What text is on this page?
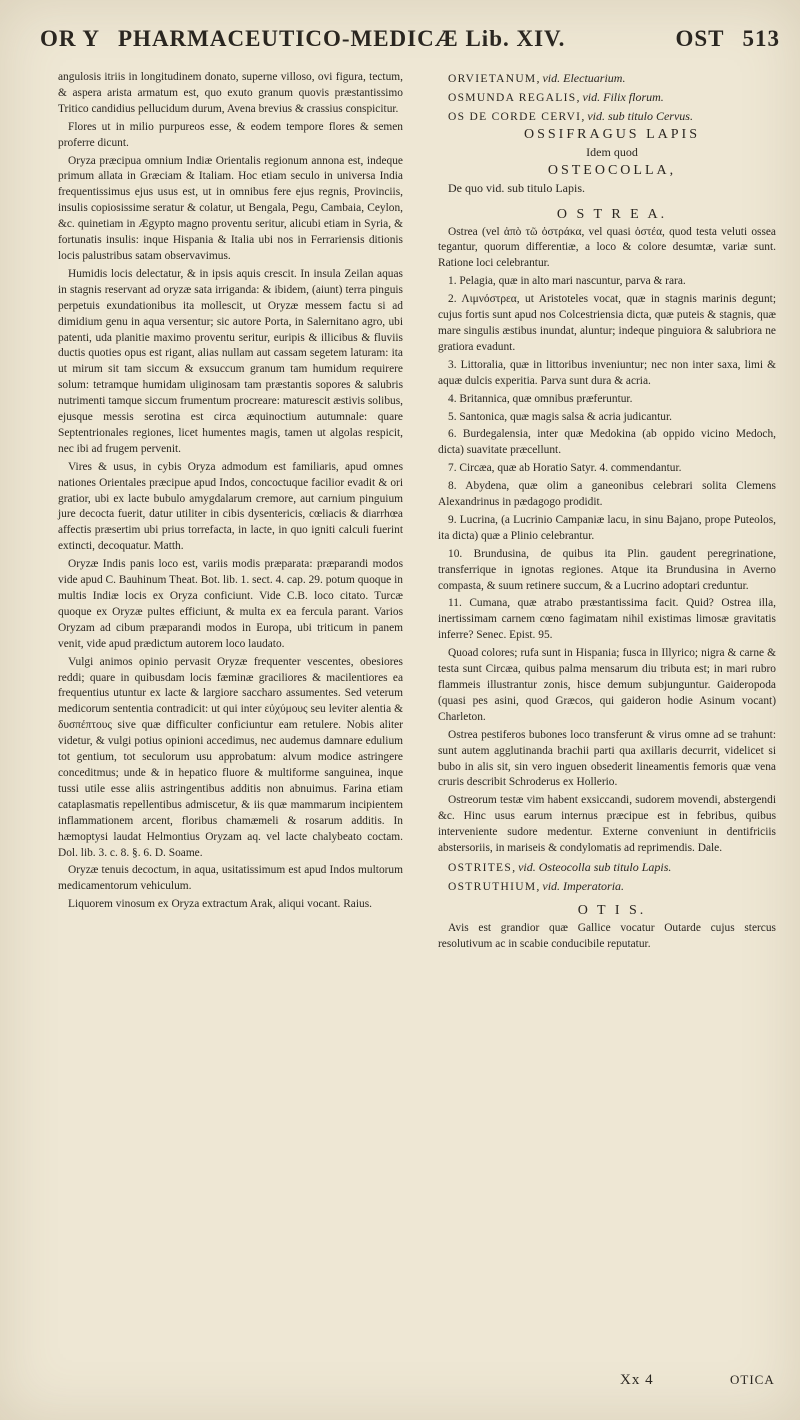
OR Y PHARMACEUTICO-MEDICÆ Lib. XIV.	OST 513

angulosis itriis in longitudinem donato, superne villoso, ovi figura, tectum, & aspera arista armatum est, quo exuto granum quovis præstantissimo Tritico candidius pellucidum durum, Avena brevius & crassius conspicitur.

Flores ut in milio purpureos esse, & eodem tempore flores & semen proferre dicunt.

Oryza præcipua omnium Indiæ Orientalis regionum annona est, indeque primum allata in Græciam & Italiam. Hoc etiam seculo in universa India frequentissimus ejus usus est, ut in omnibus fere ejus regnis, Provinciis, insulis copiosissime seratur & colatur, ut Bengala, Pegu, Cambaia, Ceylon, &c. quinetiam in Ægypto magno proventu seritur, alicubi etiam in Syria, & fortunatis insulis: inque Hispania & Italia ubi nos in Ferrariensis ditionis locis palustribus satam observavimus.

Humidis locis delectatur, & in ipsis aquis crescit. In insula Zeilan aquas in stagnis reservant ad oryzæ sata irriganda: & ibidem, (aiunt) terra pinguis perpetuis exundationibus ita mollescit, ut Oryzæ messem factu si ad dimidium genu in aqua versentur; sic autore Porta, in Salernitano agro, ubi patenti, uda planitie maximo proventu seritur, euripis & illicibus & fluviis ductis quoties opus est rigant, alias nullam aut cassam segetem laturam: ita ut mirum sit tam siccum & exsuccum granum tam humidum requirere solum: tetramque humidam uliginosam tam præstantis sopores & salubris nutrimenti tamque siccum frumentum procreare: maturescit æstivis solibus, ejusque messis serotina est circa æquinoctium autumnale: quare Septentrionales regiones, licet humentes magis, tamen ut algolas respicit, nec ibi ad frugem pervenit.

Vires & usus, in cybis Oryza admodum est familiaris, apud omnes nationes Orientales præcipue apud Indos, concoctuque facilior evadit & ori gratior, ubi ex lacte bubulo amygdalarum cremore, aut carnium pinguium jure decocta fuerit, datur utiliter in cibis dysentericis, cœliacis & diarrhœa affectis præsertim ubi prius torrefacta, in lacte, in quo igniti calculi fuerint extincti, decoquatur. Matth.

Oryzæ Indis panis loco est, variis modis præparata: præparandi modos vide apud C. Bauhinum Theat. Bot. lib. 1. sect. 4. cap. 29. potum quoque in multis Indiæ locis ex Oryza conficiunt. Vide C.B. loco citato. Turcæ quoque ex Oryzæ pultes efficiunt, & multa ex ea fercula parant. Varios Oryzam ad cibum præparandi modos in Europa, ubi triticum in panem venit, vide apud prædictum autorem loco laudato.

Vulgi animos opinio pervasit Oryzæ frequenter vescentes, obesiores reddi; quare in quibusdam locis fæminæ graciliores & macilentiores ea frequentius utuntur ex lacte & largiore saccharo assumentes. Sed veterum medicorum sententia contradicit: ut qui inter εὐχύμους seu leviter alentia & δυσπέπτους sive quæ difficulter conficiuntur eam retulere. Nobis aliter videtur, & vulgi potius opinioni accedimus, nec audemus damnare edulium tot gentium, tot seculorum usu approbatum: alvum modice astringere conceditmus; unde & in hepatico fluore & multiforme sanguinea, inque tussi utile esse aliis astringentibus additis non abnuimus. Farina etiam cataplasmatis repellentibus admiscetur, & iis quæ mammarum incipientem inflammationem arcent, floribus chamæmeli & rosarum additis. In hæmoptysi laudat Helmontius Oryzam aq. vel lacte chalybeato coctam. Dol. lib. 3. c. 8. §. 6. D. Soame.

Oryzæ tenuis decoctum, in aqua, usitatissimum est apud Indos multorum medicamentorum vehiculum.

Liquorem vinosum ex Oryza extractum Arak, aliqui vocant. Raius.

ORVIETANUM, vid. Electuarium.

OSMUNDA REGALIS, vid. Filix florum.

OS DE CORDE CERVI, vid. sub titulo Cervus.

OSSIFRAGUS LAPIS

Idem quod

OSTEOCOLLA,

De quo vid. sub titulo Lapis.

O S T R E A.

Ostrea (vel ἀπὸ τῶ ὀστράκα, vel quasi ὀστέα, quod testa veluti ossea tegantur, quorum differentiæ, a loco & colore desumtæ, variæ sunt. Ratione loci celebrantur.

1. Pelagia, quæ in alto mari nascuntur, parva & rara.

2. Λιμνόστρεα, ut Aristoteles vocat, quæ in stagnis marinis degunt; cujus fortis sunt apud nos Colcestriensia dicta, quæ puteis & stagnis, quæ mare singulis æstibus inundat, aluntur; indeque pinguiora & salubriora ne gratiora evadunt.

3. Littoralia, quæ in littoribus inveniuntur; nec non inter saxa, limi & aquæ dulcis experitia. Parva sunt dura & acria.

4. Britannica, quæ omnibus præferuntur.

5. Santonica, quæ magis salsa & acria judicantur.

6. Burdegalensia, inter quæ Medokina (ab oppido vicino Medoch, dicta) suavitate præcellunt.

7. Circæa, quæ ab Horatio Satyr. 4. commendantur.

8. Abydena, quæ olim a ganeonibus celebrari solita Clemens Alexandrinus in pædagogo prodidit.

9. Lucrina, (a Lucrinio Campaniæ lacu, in sinu Bajano, prope Puteolos, ita dicta) quæ a Plinio celebrantur.

10. Brundusina, de quibus ita Plin. gaudent peregrinatione, transferrique in ignotas regiones. Atque ita Brundusina in Averno compasta, & suum retinere succum, & a Lucrino adoptari creduntur.

11. Cumana, quæ atrabo præstantissima facit. Quid? Ostrea illa, inertissimam carnem cœno fagimatam nihil existimas limosæ gravitatis inferre? Senec. Epist. 95.

Quoad colores; rufa sunt in Hispania; fusca in Illyrico; nigra & carne & testa sunt Circæa, quibus palma mensarum diu tributa est; in mari rubro flammeis illustrantur zonis, hisce demum subjunguntur. Gaideropoda (quasi pes asini, quod Græcos, qui gaideron hodie Asinum vocant) Charleton.

Ostrea pestiferos bubones loco transferunt & virus omne ad se trahunt: sunt autem agglutinanda brachii parti qua axillaris decurrit, videlicet si bubo in alis sit, sin vero inguen obsederit lineamentis femoris quæ vena cruris describit Schroderus ex Hollerio.

Ostreorum testæ vim habent exsiccandi, sudorem movendi, abstergendi &c. Hinc usus earum internus præcipue est in febribus, quibus interveniente sudore medentur. Externe conveniunt in dentifriciis abstersoriis, in mariseis & condylomatis ad reprimendis. Dale.

OSTRITES, vid. Osteocolla sub titulo Lapis.

OSTRUTHIUM, vid. Imperatoria.

O T I S.

Avis est grandior quæ Gallice vocatur Outarde cujus stercus resolutivum ac in scabie conducibile reputatur.

Xx 4	OTICA
